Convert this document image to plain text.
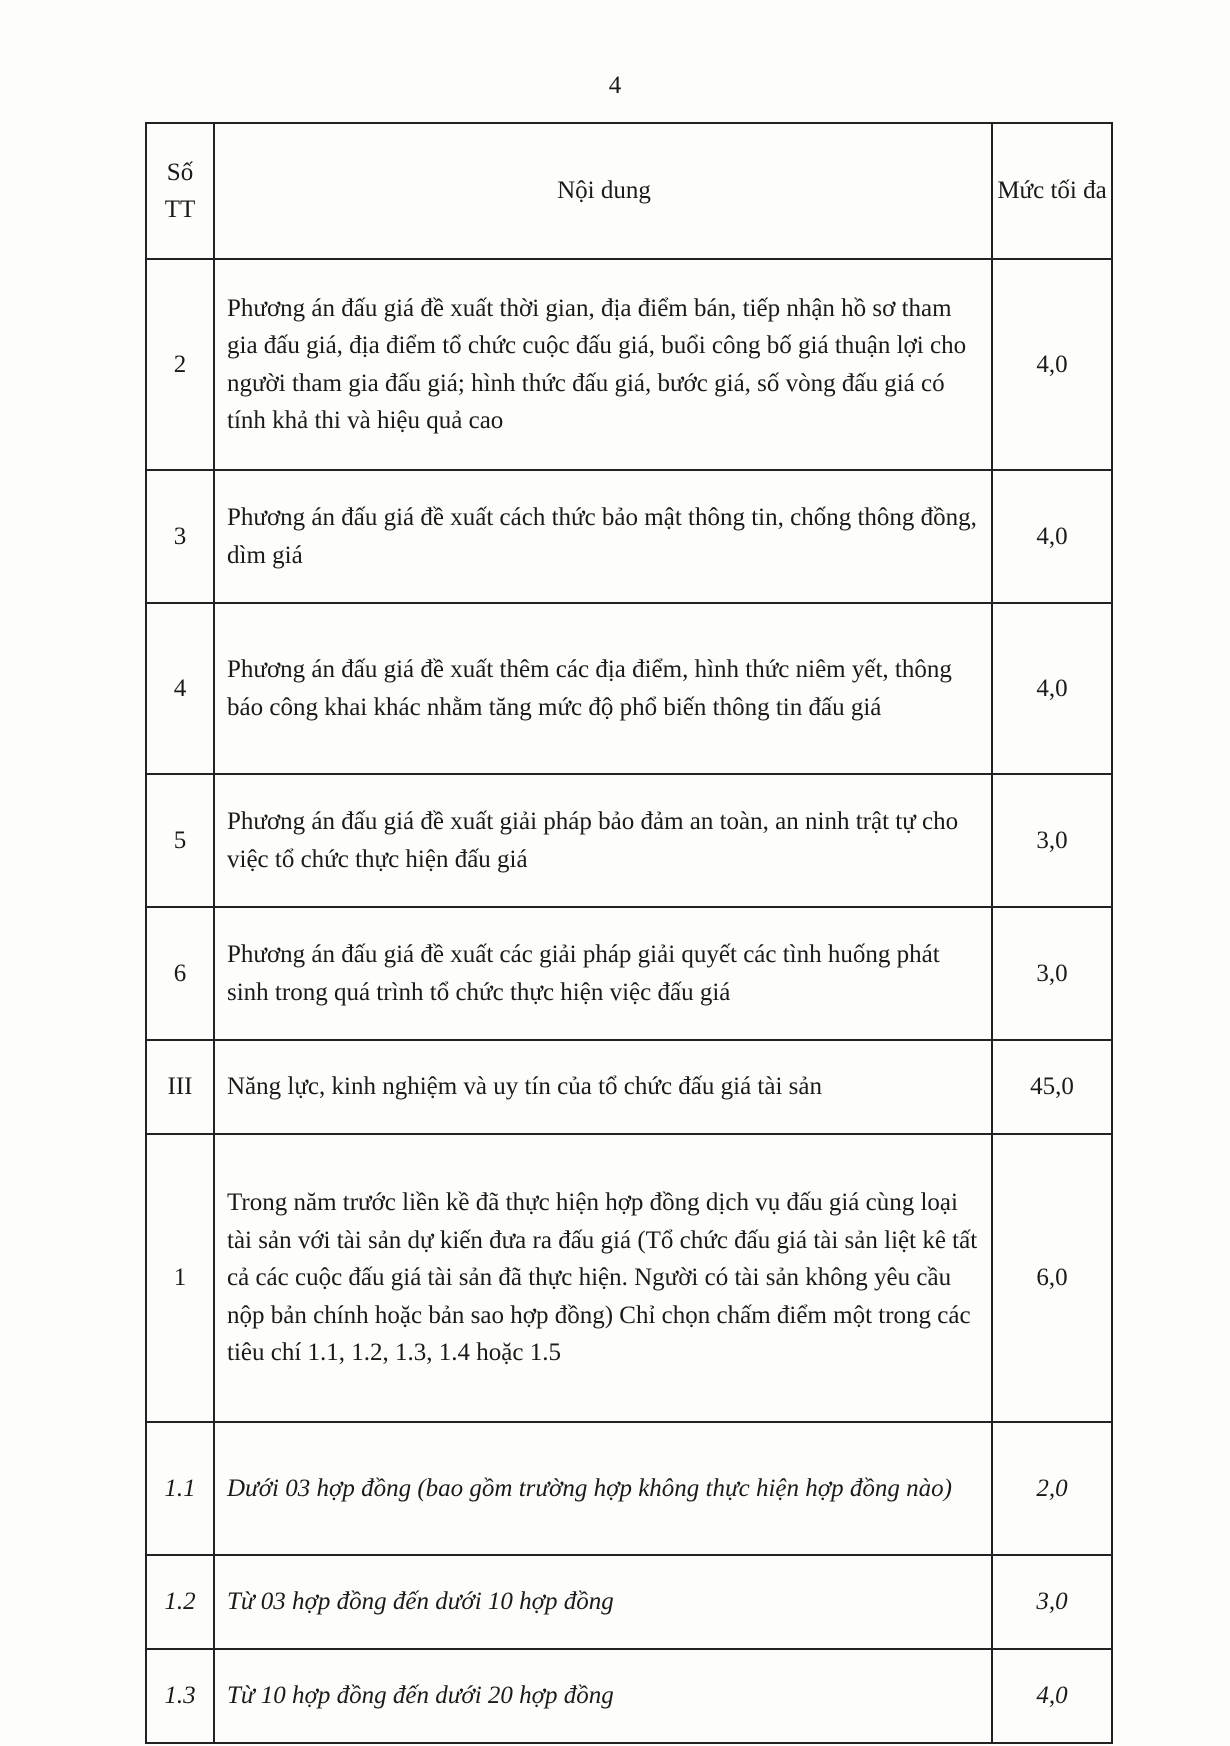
4
Số TT	Nội dung	Mức tối đa
2	Phương án đấu giá đề xuất thời gian, địa điểm bán, tiếp nhận hồ sơ tham gia đấu giá, địa điểm tổ chức cuộc đấu giá, buổi công bố giá thuận lợi cho người tham gia đấu giá; hình thức đấu giá, bước giá, số vòng đấu giá có tính khả thi và hiệu quả cao	4,0
3	Phương án đấu giá đề xuất cách thức bảo mật thông tin, chống thông đồng, dìm giá	4,0
4	Phương án đấu giá đề xuất thêm các địa điểm, hình thức niêm yết, thông báo công khai khác nhằm tăng mức độ phổ biến thông tin đấu giá	4,0
5	Phương án đấu giá đề xuất giải pháp bảo đảm an toàn, an ninh trật tự cho việc tổ chức thực hiện đấu giá	3,0
6	Phương án đấu giá đề xuất các giải pháp giải quyết các tình huống phát sinh trong quá trình tổ chức thực hiện việc đấu giá	3,0
III	Năng lực, kinh nghiệm và uy tín của tổ chức đấu giá tài sản	45,0
1	Trong năm trước liền kề đã thực hiện hợp đồng dịch vụ đấu giá cùng loại tài sản với tài sản dự kiến đưa ra đấu giá (Tổ chức đấu giá tài sản liệt kê tất cả các cuộc đấu giá tài sản đã thực hiện. Người có tài sản không yêu cầu nộp bản chính hoặc bản sao hợp đồng) Chỉ chọn chấm điểm một trong các tiêu chí 1.1, 1.2, 1.3, 1.4 hoặc 1.5	6,0
1.1	Dưới 03 hợp đồng (bao gồm trường hợp không thực hiện hợp đồng nào)	2,0
1.2	Từ 03 hợp đồng đến dưới 10 hợp đồng	3,0
1.3	Từ 10 hợp đồng đến dưới 20 hợp đồng	4,0
